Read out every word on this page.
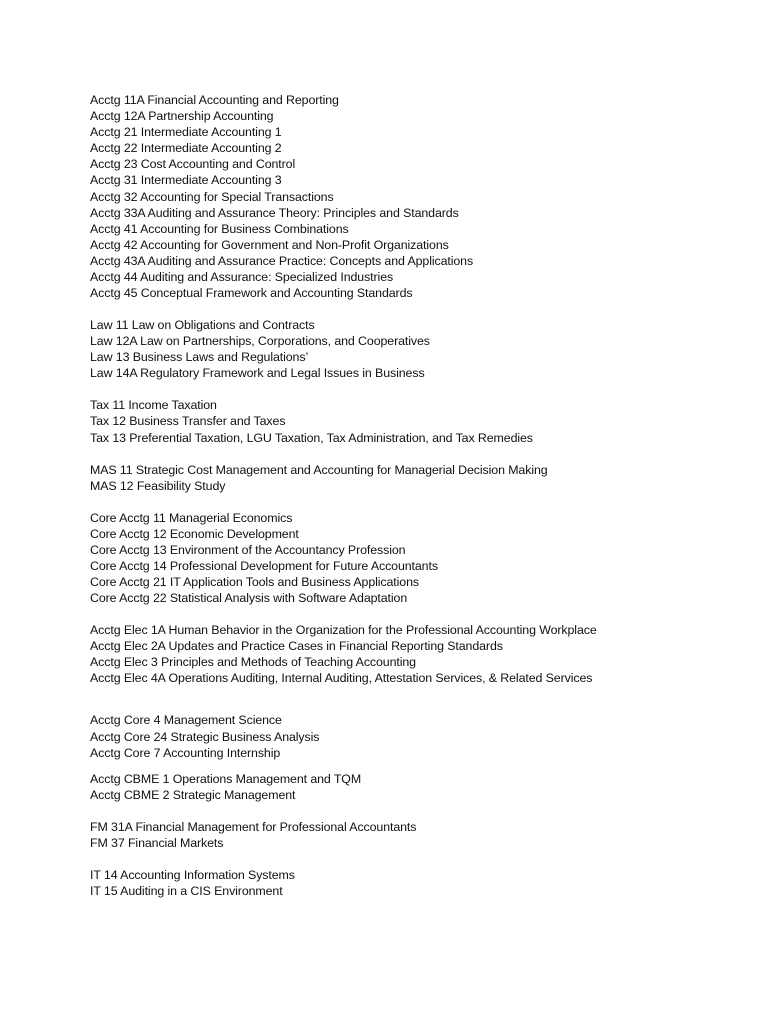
Acctg 11A Financial Accounting and Reporting
Acctg 12A Partnership Accounting
Acctg 21 Intermediate Accounting 1
Acctg 22 Intermediate Accounting 2
Acctg 23 Cost Accounting and Control
Acctg 31 Intermediate Accounting 3
Acctg 32 Accounting for Special Transactions
Acctg 33A Auditing and Assurance Theory: Principles and Standards
Acctg 41 Accounting for Business Combinations
Acctg 42 Accounting for Government and Non-Profit Organizations
Acctg 43A Auditing and Assurance Practice: Concepts and Applications
Acctg 44 Auditing and Assurance: Specialized Industries
Acctg 45 Conceptual Framework and Accounting Standards
Law 11 Law on Obligations and Contracts
Law 12A Law on Partnerships, Corporations, and Cooperatives
Law 13 Business Laws and Regulations’
Law 14A Regulatory Framework and Legal Issues in Business
Tax 11 Income Taxation
Tax 12 Business Transfer and Taxes
Tax 13 Preferential Taxation, LGU Taxation, Tax Administration, and Tax Remedies
MAS 11 Strategic Cost Management and Accounting for Managerial Decision Making
MAS 12 Feasibility Study
Core Acctg 11 Managerial Economics
Core Acctg 12 Economic Development
Core Acctg 13 Environment of the Accountancy Profession
Core Acctg 14 Professional Development for Future Accountants
Core Acctg 21 IT Application Tools and Business Applications
Core Acctg 22 Statistical Analysis with Software Adaptation
Acctg Elec 1A Human Behavior in the Organization for the Professional Accounting Workplace
Acctg Elec 2A Updates and Practice Cases in Financial Reporting Standards
Acctg Elec 3 Principles and Methods of Teaching Accounting
Acctg Elec 4A Operations Auditing, Internal Auditing, Attestation Services, & Related Services
Acctg Core 4 Management Science
Acctg Core 24 Strategic Business Analysis
Acctg Core 7 Accounting Internship
Acctg CBME 1 Operations Management and TQM
Acctg CBME 2 Strategic Management
FM 31A Financial Management for Professional Accountants
FM 37 Financial Markets
IT 14 Accounting Information Systems
IT 15 Auditing in a CIS Environment
